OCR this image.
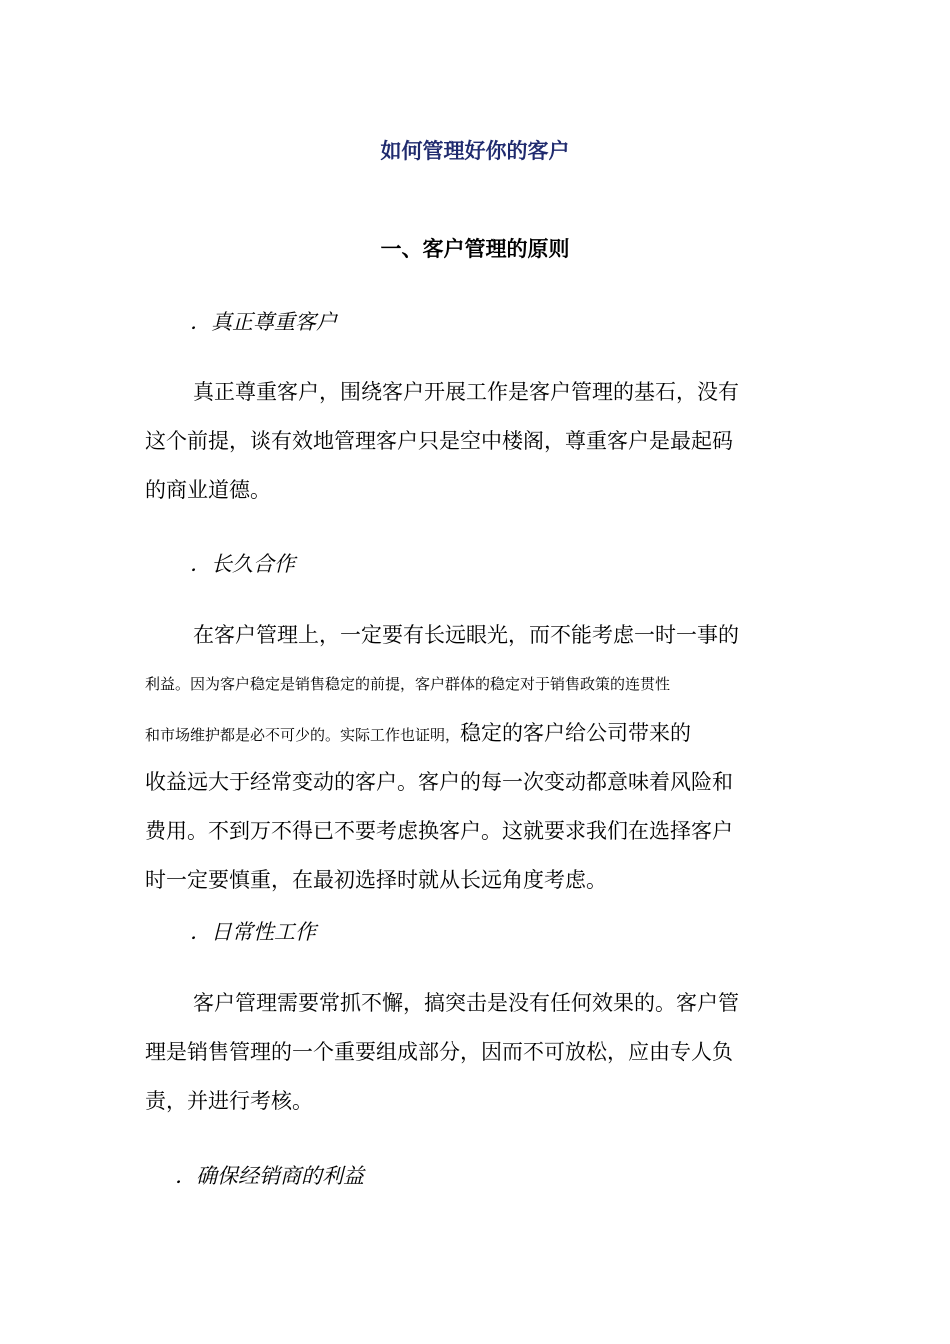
如何管理好你的客户
一、客户管理的原则
．真正尊重客户
真正尊重客户，围绕客户开展工作是客户管理的基石，没有
这个前提，谈有效地管理客户只是空中楼阁，尊重客户是最起码
的商业道德。
．长久合作
在客户管理上，一定要有长远眼光，而不能考虑一时一事的
利益。因为客户稳定是销售稳定的前提，客户群体的稳定对于销售政策的连贯性
和市场维护都是必不可少的。实际工作也证明，稳定的客户给公司带来的
收益远大于经常变动的客户。客户的每一次变动都意味着风险和
费用。不到万不得已不要考虑换客户。这就要求我们在选择客户
时一定要慎重，在最初选择时就从长远角度考虑。
．日常性工作
客户管理需要常抓不懈，搞突击是没有任何效果的。客户管
理是销售管理的一个重要组成部分，因而不可放松，应由专人负
责，并进行考核。
．确保经销商的利益
